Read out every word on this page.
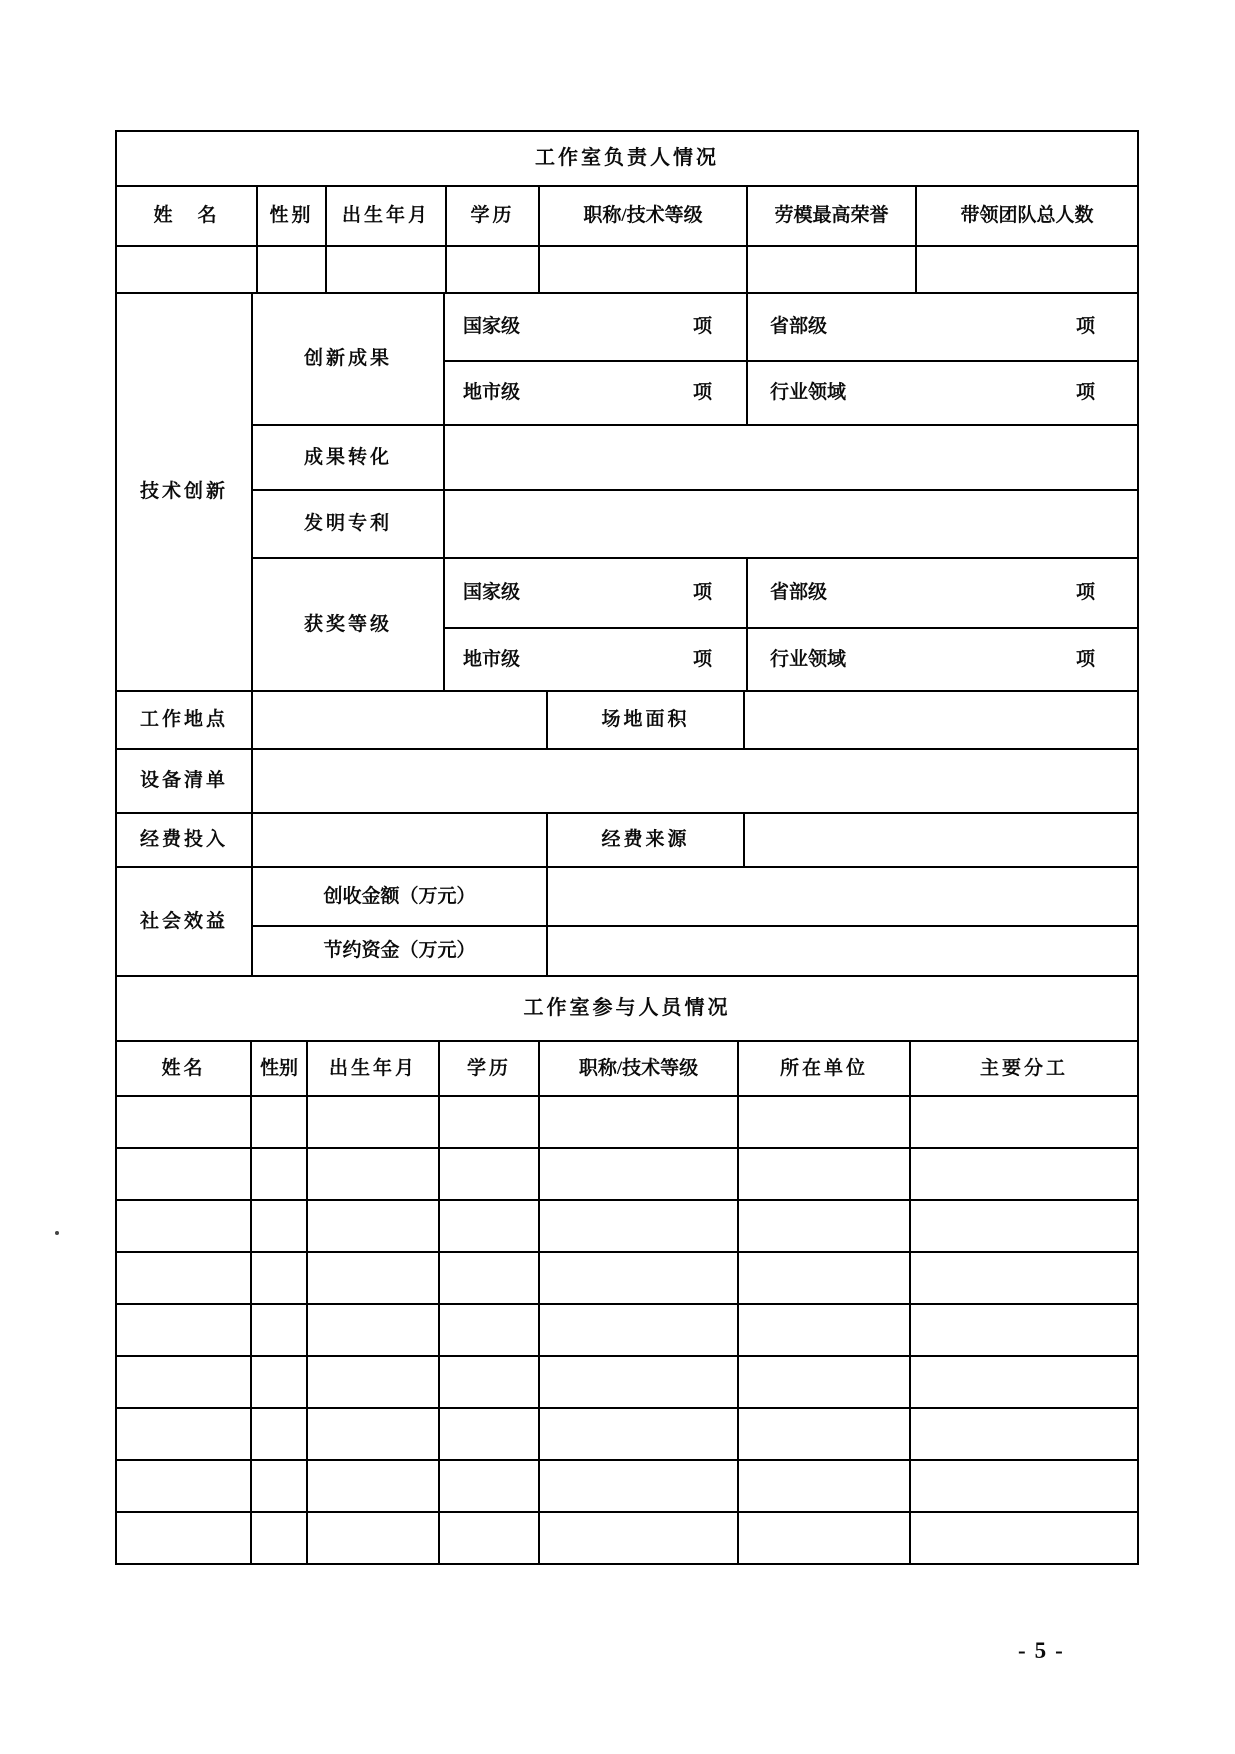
工作室负责人情况						
姓　名	性别	出生年月	学历	职称/技术等级	劳模最高荣誉	带领团队总人数

技术创新	创新成果	国家级 项	省部级 项

		地市级 项	行业领域 项

	成果转化		
	发明专利		
	获奖等级	国家级 项	省部级 项

		地市级 项	行业领域 项
工作地点		场地面积	
设备清单	
经费投入		经费来源	
社会效益	创收金额（万元）	
	节约资金（万元）	
工作室参与人员情况						
姓名	性别	出生年月	学历	职称/技术等级	所在单位	主要分工

-5-
